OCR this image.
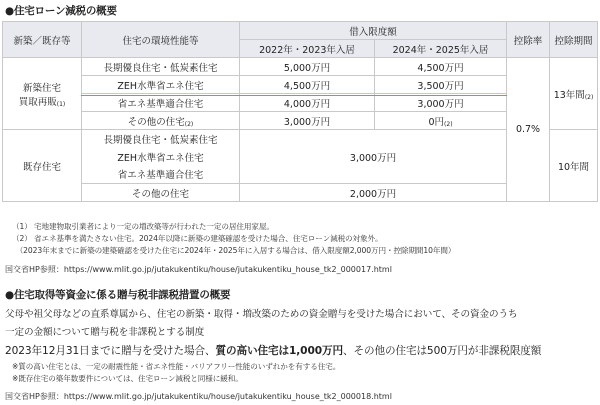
●住宅ローン減税の概要
新築／既存等	住宅の環境性能等	借入限度額		控除率	控除期間
		2022年・2023年入居	2024年・2025年入居		

新築住宅
買取再販$_{(1)}$	長期優良住宅・低炭素住宅	5,000万円	4,500万円	0.7%	13年間$_{(2)}$
	ZEH水準省エネ住宅	4,500万円	3,500万円		
	省エネ基準適合住宅	4,000万円	3,000万円		
	その他の住宅$_{(2)}$	3,000万円	0円$_{(2)}$
既存住宅	長期優良住宅・低炭素住宅	3,000万円			10年間
	ZEH水準省エネ住宅				
	省エネ基準適合住宅				
	その他の住宅	2,000万円			
（1） 宅地建物取引業者により一定の増改築等が行われた一定の居住用家屋。
（2） 省エネ基準を満たさない住宅。2024年以降に新築の建築確認を受けた場合、住宅ローン減税の対象外。
　（2023年末までに新築の建築確認を受けた住宅に2024年・2025年に入居する場合は、借入限度額2,000万円・控除期間10年間）
国交省HP参照：https://www.mlit.go.jp/jutakukentiku/house/jutakukentiku_house_tk2_000017.html
●住宅取得等資金に係る贈与税非課税措置の概要
父母や祖父母などの直系尊属から、住宅の新築・取得・増改築のための資金贈与を受けた場合において、その資金のうち
一定の金額について贈与税を非課税とする制度
2023年12月31日までに贈与を受けた場合、質の高い住宅は1,000万円、その他の住宅は500万円が非課税限度額
※質の高い住宅とは、一定の耐震性能・省エネ性能・バリアフリー性能のいずれかを有する住宅。
※既存住宅の築年数要件については、住宅ローン減税と同様に緩和。
国交省HP参照：https://www.mlit.go.jp/jutakukentiku/house/jutakukentiku_house_tk2_000018.html
